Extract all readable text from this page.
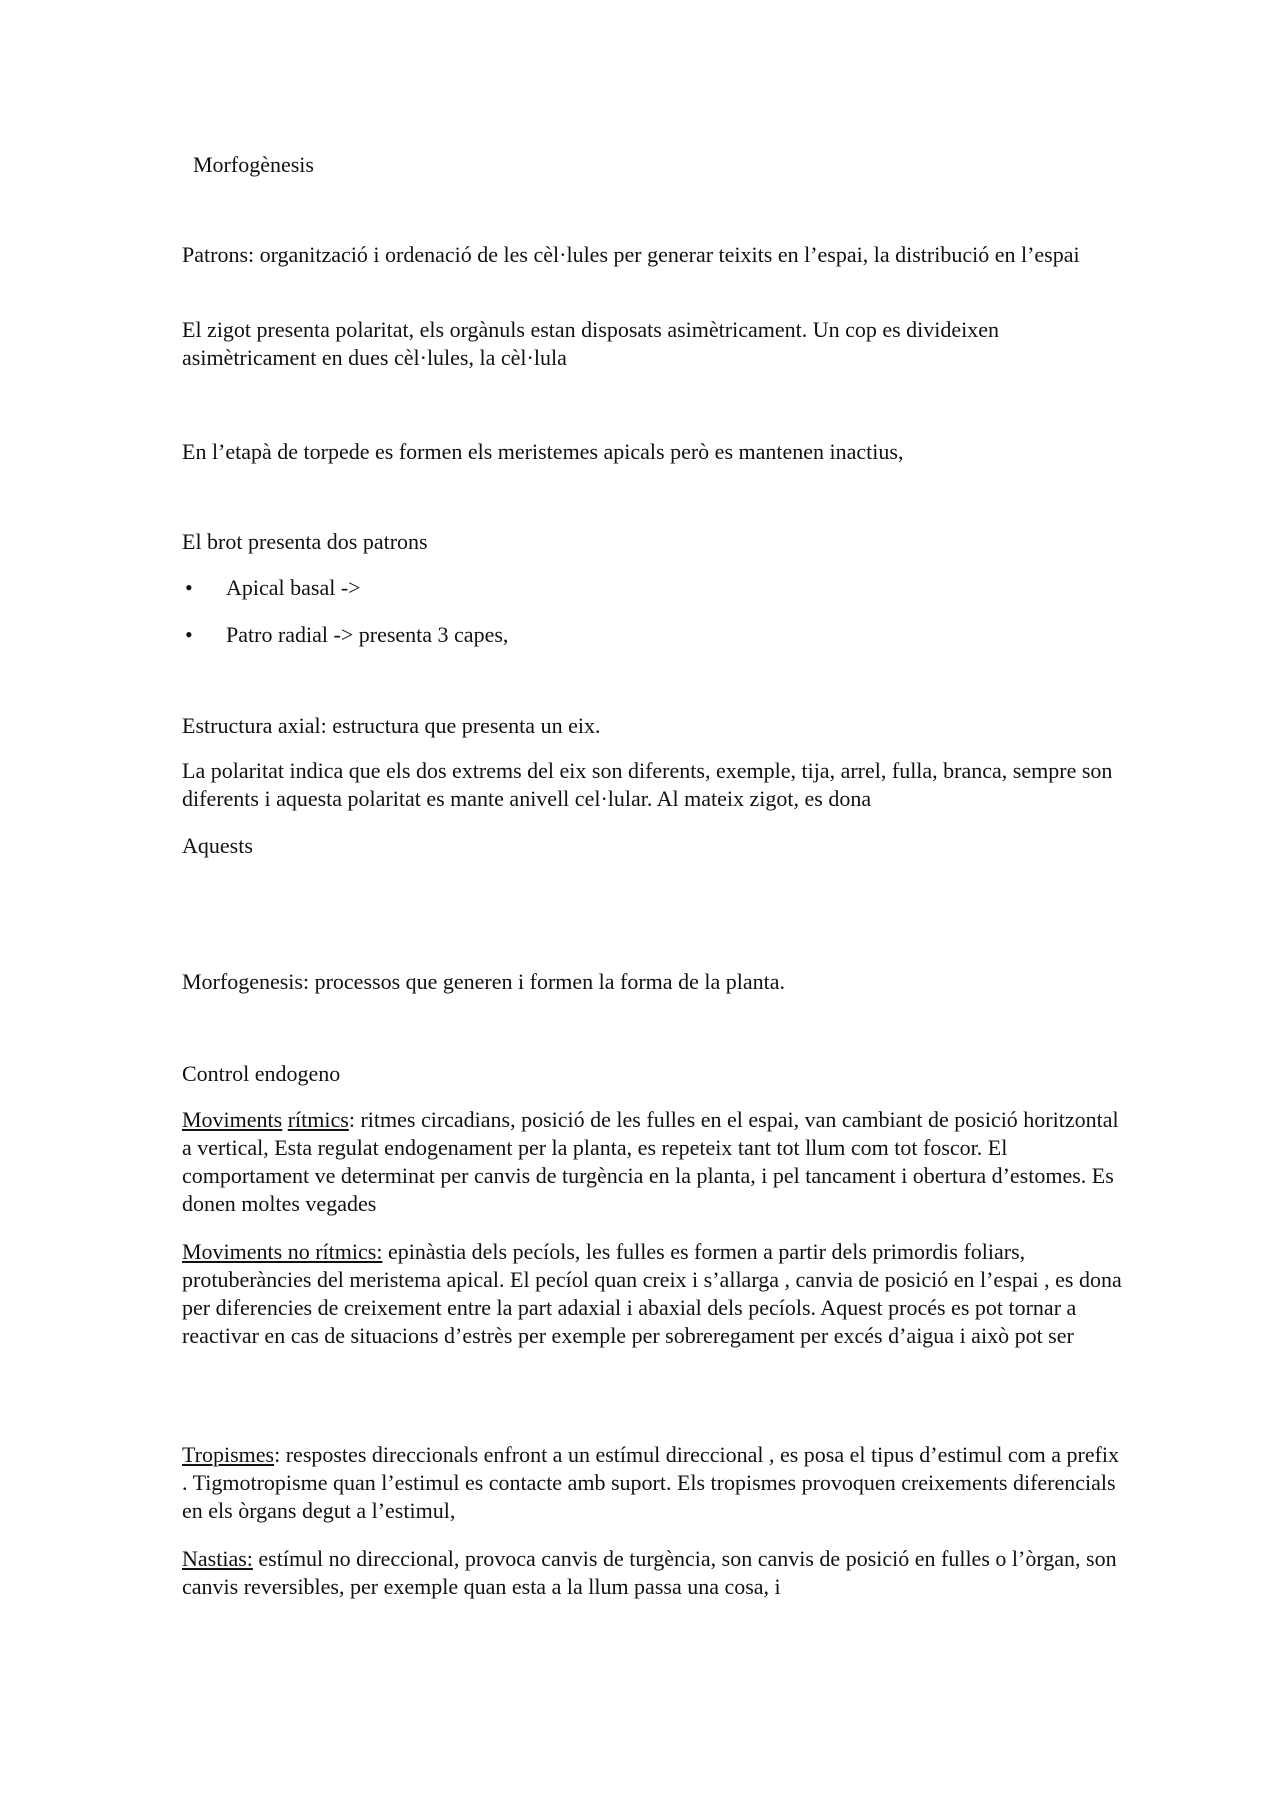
Morfogènesis

Patrons: organització i ordenació de les cèl·lules per generar teixits en l’espai, la distribució en l’espai

El zigot presenta polaritat, els orgànuls estan disposats asimètricament. Un cop es divideixen asimètricament en dues cèl·lules, la cèl·lula

En l’etapà de torpede es formen els meristemes apicals però es mantenen inactius,

El brot presenta dos patrons

• Apical basal ->
• Patro radial -> presenta 3 capes,

Estructura axial: estructura que presenta un eix.

La polaritat indica que els dos extrems del eix son diferents, exemple, tija, arrel, fulla, branca, sempre son diferents i aquesta polaritat es mante anivell cel·lular. Al mateix zigot, es dona

Aquests

Morfogenesis: processos que generen i formen la forma de la planta.

Control endogeno

Moviments rítmics: ritmes circadians, posició de les fulles en el espai, van cambiant de posició horitzontal a vertical, Esta regulat endogenament per la planta, es repeteix tant tot llum com tot foscor. El comportament ve determinat per canvis de turgència en la planta, i pel tancament i obertura d’estomes. Es donen moltes vegades

Moviments no rítmics: epinàstia dels pecíols, les fulles es formen a partir dels primordis foliars, protuberàncies del meristema apical. El pecíol quan creix i s’allarga , canvia de posició en l’espai , es dona per diferencies de creixement entre la part adaxial i abaxial dels pecíols. Aquest procés es pot tornar a reactivar en cas de situacions d’estrès per exemple per sobreregament per excés d’aigua i això pot ser

Tropismes: respostes direccionals enfront a un estímul direccional , es posa el tipus d’estimul com a prefix . Tigmotropisme quan l’estimul es contacte amb suport. Els tropismes provoquen creixements diferencials en els òrgans degut a l’estimul,

Nastias: estímul no direccional, provoca canvis de turgència, son canvis de posició en fulles o l’òrgan, son canvis reversibles, per exemple quan esta a la llum passa una cosa, i
